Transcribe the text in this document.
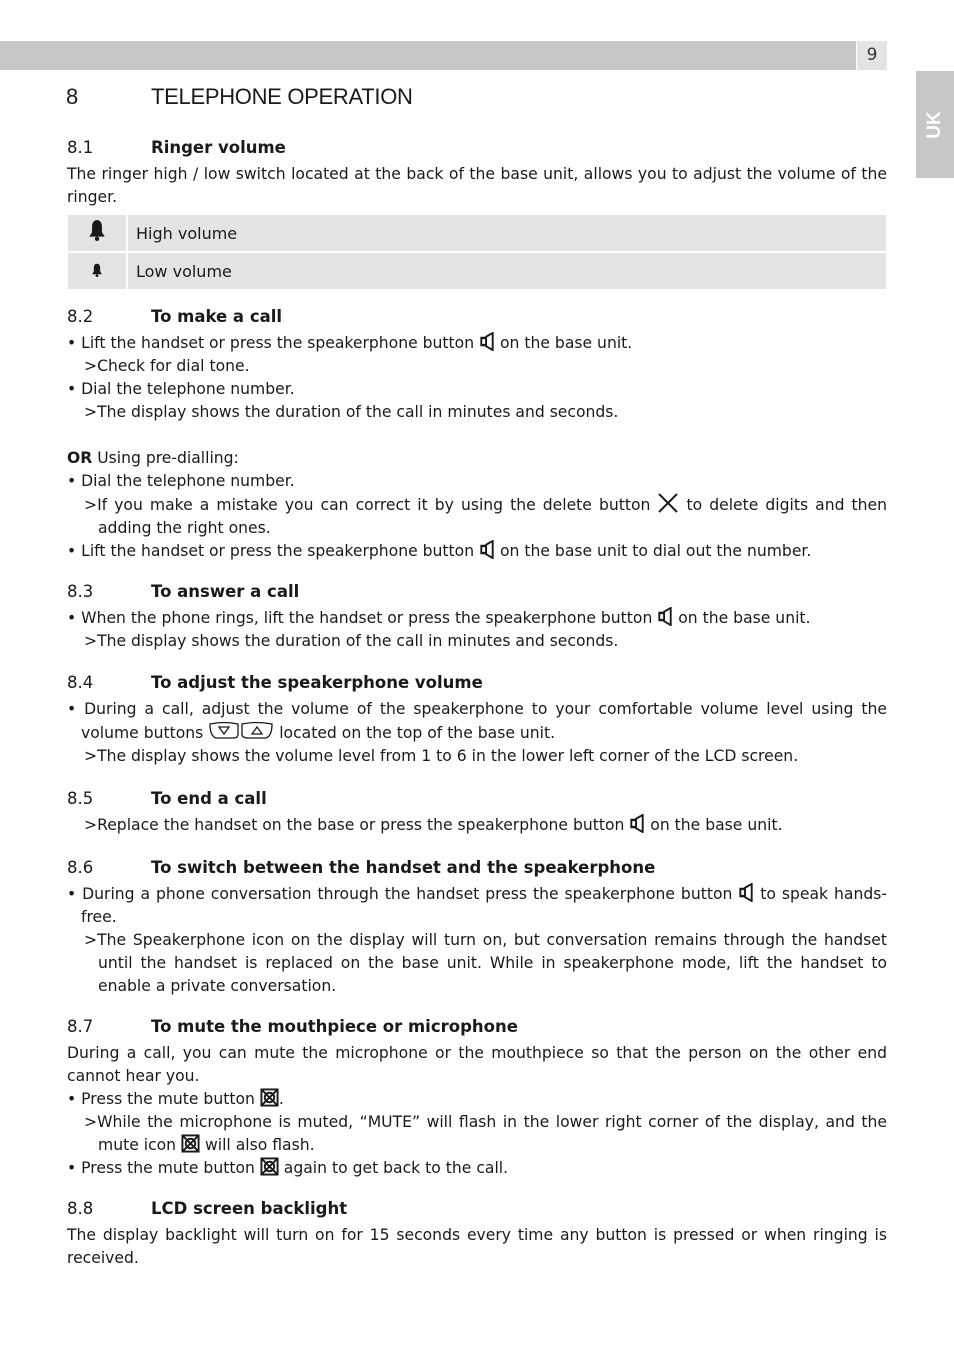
9
UK
8	TELEPHONE OPERATION
8.1	Ringer volume
The ringer high / low switch located at the back of the base unit, allows you to adjust the volume of the ringer.
	High volume
	Low volume
8.2	To make a call
• Lift the handset or press the speakerphone button  on the base unit.
>Check for dial tone.
• Dial the telephone number.
>The display shows the duration of the call in minutes and seconds.
OR Using pre-dialling:
• Dial the telephone number.
>If you make a mistake you can correct it by using the delete button  to delete digits and then adding the right ones.
• Lift the handset or press the speakerphone button  on the base unit to dial out the number.
8.3	To answer a call
• When the phone rings, lift the handset or press the speakerphone button  on the base unit.
>The display shows the duration of the call in minutes and seconds.
8.4	To adjust the speakerphone volume
• During a call, adjust the volume of the speakerphone to your comfortable volume level using the volume buttons	located on the top of the base unit.
>The display shows the volume level from 1 to 6 in the lower left corner of the LCD screen.
8.5	To end a call
>Replace the handset on the base or press the speakerphone button  on the base unit.
8.6	To switch between the handset and the speakerphone
• During a phone conversation through the handset press the speakerphone button  to speak hands-free.
>The Speakerphone icon on the display will turn on, but conversation remains through the handset until the handset is replaced on the base unit. While in speakerphone mode, lift the handset to enable a private conversation.
8.7	To mute the mouthpiece or microphone
During a call, you can mute the microphone or the mouthpiece so that the person on the other end cannot hear you.
• Press the mute button .
>While the microphone is muted, “MUTE” will flash in the lower right corner of the display, and the mute icon  will also flash.
• Press the mute button  again to get back to the call.
8.8	LCD screen backlight
The display backlight will turn on for 15 seconds every time any button is pressed or when ringing is received.
